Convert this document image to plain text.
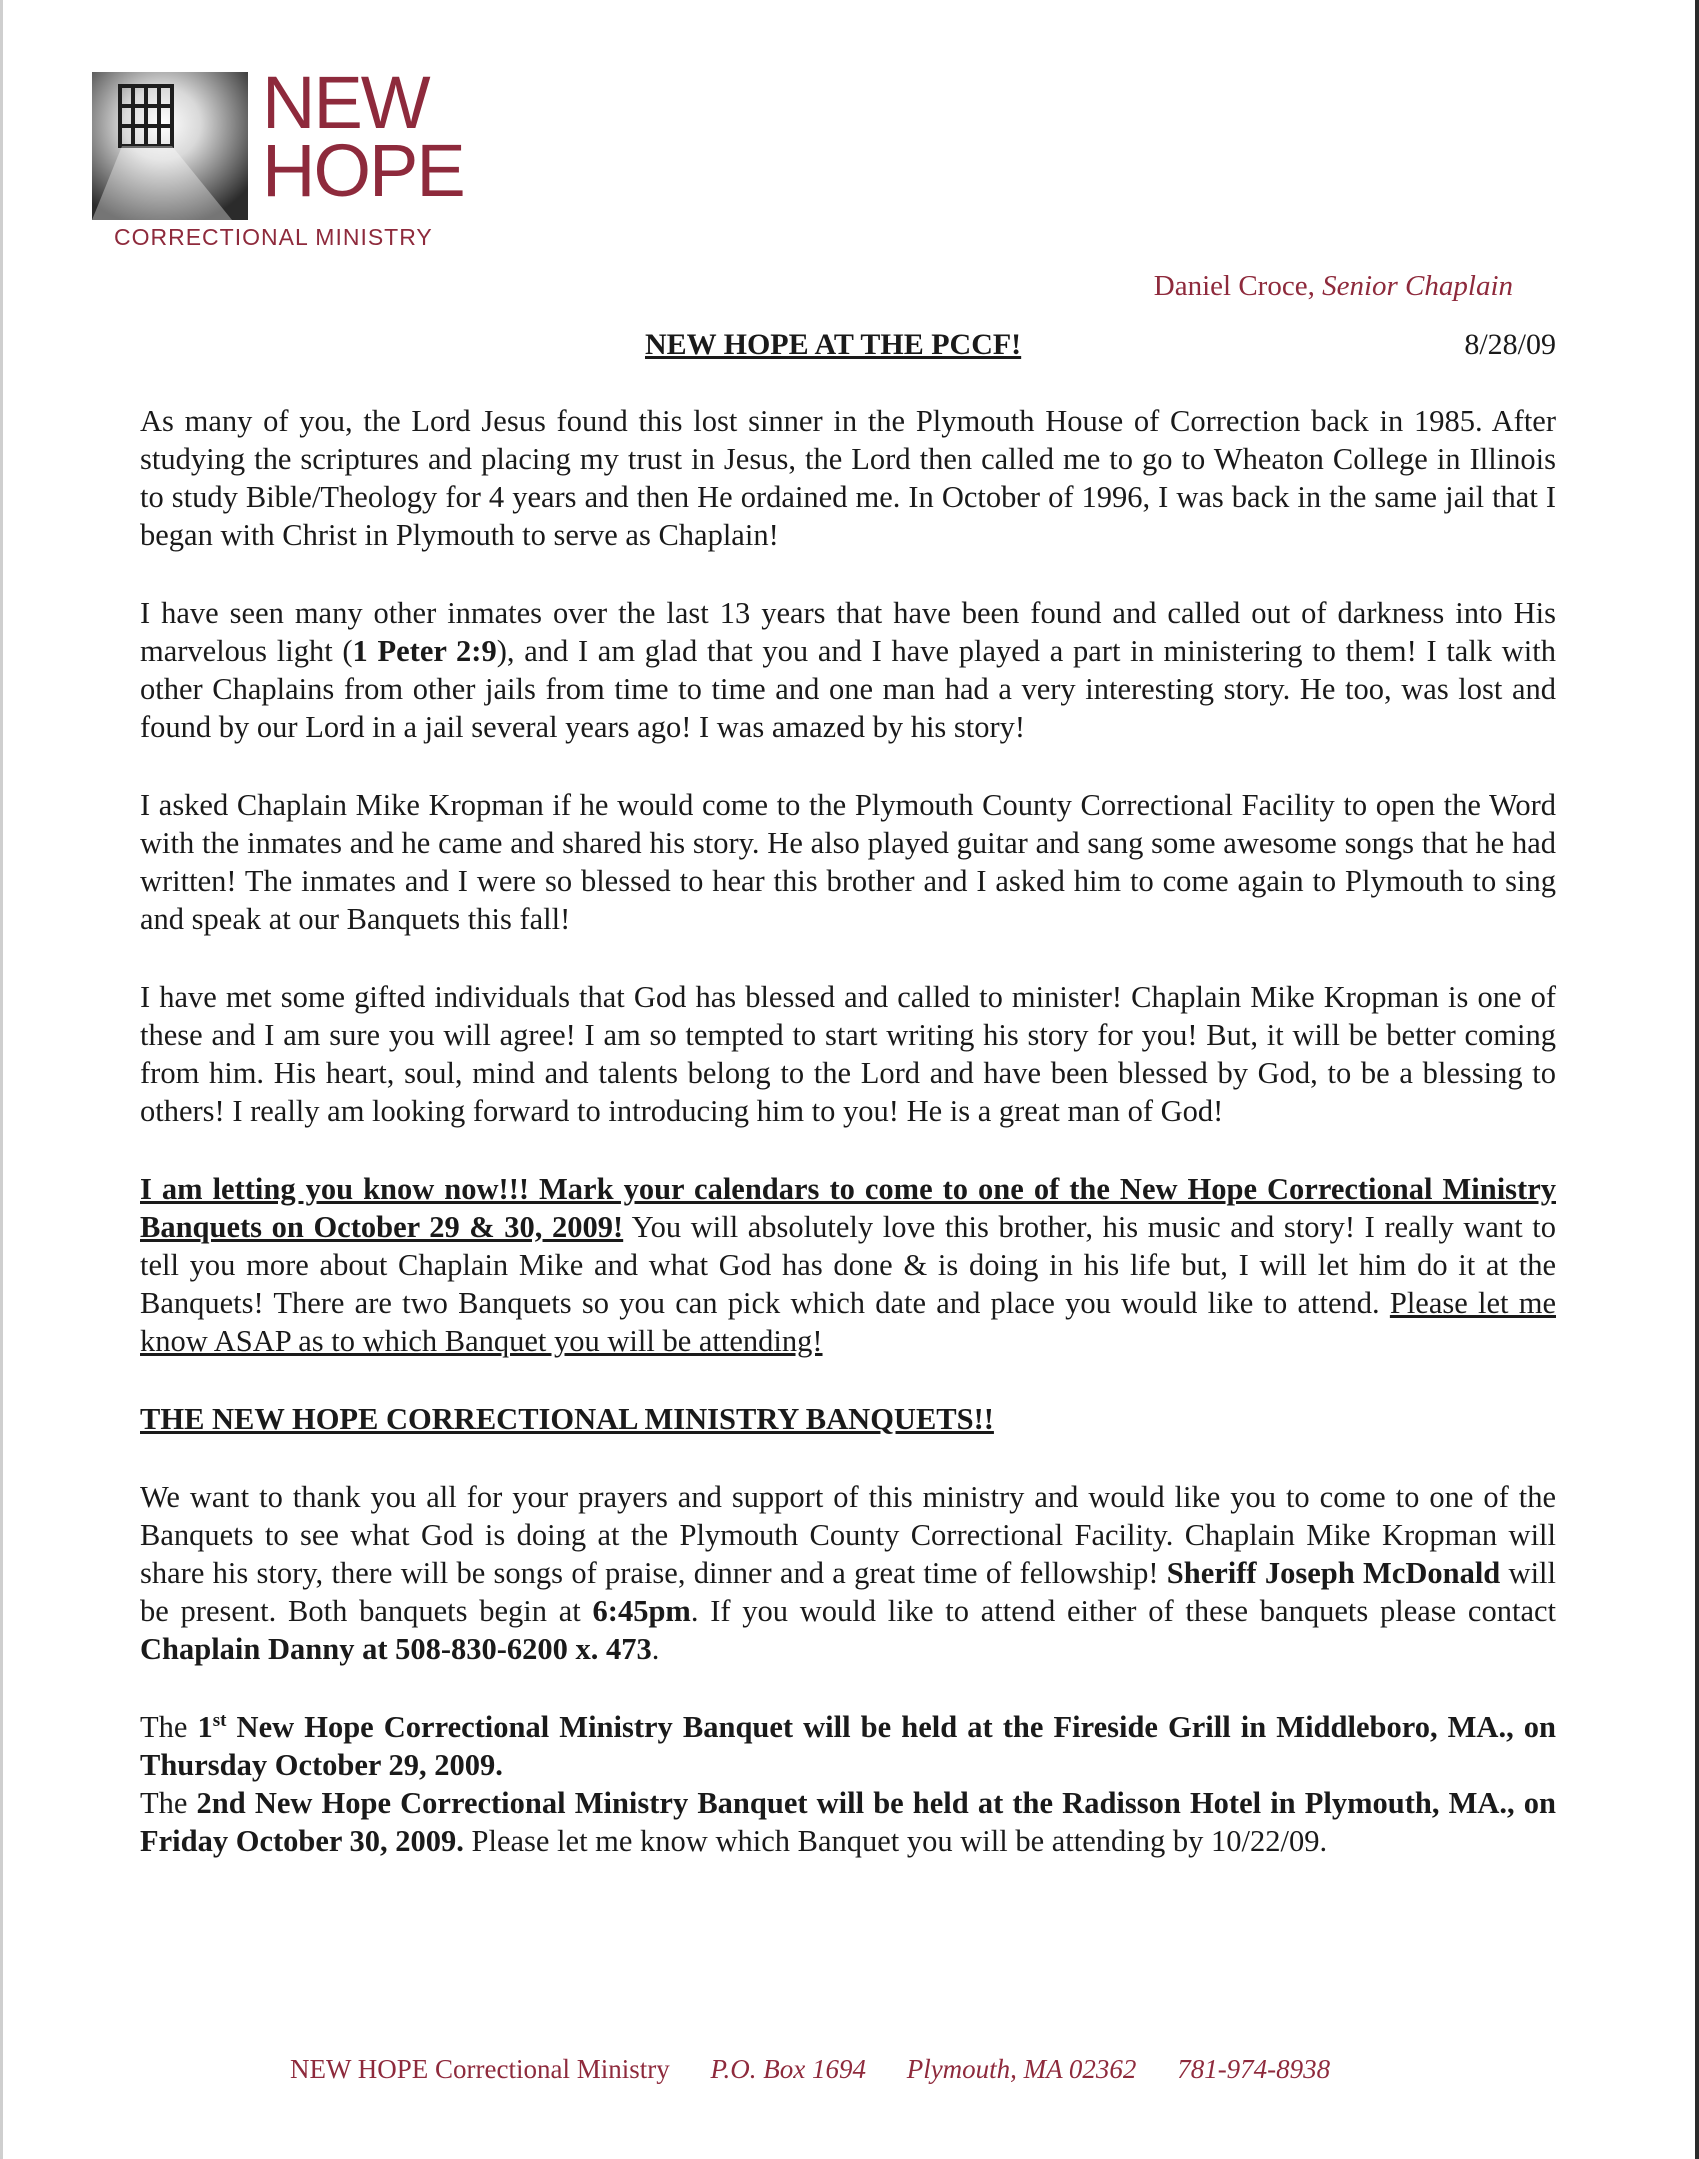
NEW
HOPE
CORRECTIONAL MINISTRY
Daniel Croce, Senior Chaplain
NEW HOPE AT THE PCCF!	8/28/09

As many of you, the Lord Jesus found this lost sinner in the Plymouth House of Correction back in 1985. After studying the scriptures and placing my trust in Jesus, the Lord then called me to go to Wheaton College in Illinois to study Bible/Theology for 4 years and then He ordained me. In October of 1996, I was back in the same jail that I began with Christ in Plymouth to serve as Chaplain!

I have seen many other inmates over the last 13 years that have been found and called out of darkness into His marvelous light (1 Peter 2:9), and I am glad that you and I have played a part in ministering to them! I talk with other Chaplains from other jails from time to time and one man had a very interesting story. He too, was lost and found by our Lord in a jail several years ago! I was amazed by his story!

I asked Chaplain Mike Kropman if he would come to the Plymouth County Correctional Facility to open the Word with the inmates and he came and shared his story. He also played guitar and sang some awesome songs that he had written! The inmates and I were so blessed to hear this brother and I asked him to come again to Plymouth to sing and speak at our Banquets this fall!

I have met some gifted individuals that God has blessed and called to minister! Chaplain Mike Kropman is one of these and I am sure you will agree! I am so tempted to start writing his story for you! But, it will be better coming from him. His heart, soul, mind and talents belong to the Lord and have been blessed by God, to be a blessing to others! I really am looking forward to introducing him to you! He is a great man of God!

I am letting you know now!!! Mark your calendars to come to one of the New Hope Correctional Ministry Banquets on October 29 & 30, 2009! You will absolutely love this brother, his music and story! I really want to tell you more about Chaplain Mike and what God has done & is doing in his life but, I will let him do it at the Banquets! There are two Banquets so you can pick which date and place you would like to attend. Please let me know ASAP as to which Banquet you will be attending!

THE NEW HOPE CORRECTIONAL MINISTRY BANQUETS!!

We want to thank you all for your prayers and support of this ministry and would like you to come to one of the Banquets to see what God is doing at the Plymouth County Correctional Facility. Chaplain Mike Kropman will share his story, there will be songs of praise, dinner and a great time of fellowship! Sheriff Joseph McDonald will be present. Both banquets begin at 6:45pm. If you would like to attend either of these banquets please contact Chaplain Danny at 508-830-6200 x. 473.

The 1st New Hope Correctional Ministry Banquet will be held at the Fireside Grill in Middleboro, MA., on Thursday October 29, 2009.

The 2nd New Hope Correctional Ministry Banquet will be held at the Radisson Hotel in Plymouth, MA., on Friday October 30, 2009. Please let me know which Banquet you will be attending by 10/22/09.

NEW HOPE Correctional Ministry P.O. Box 1694 Plymouth, MA 02362 781-974-8938
